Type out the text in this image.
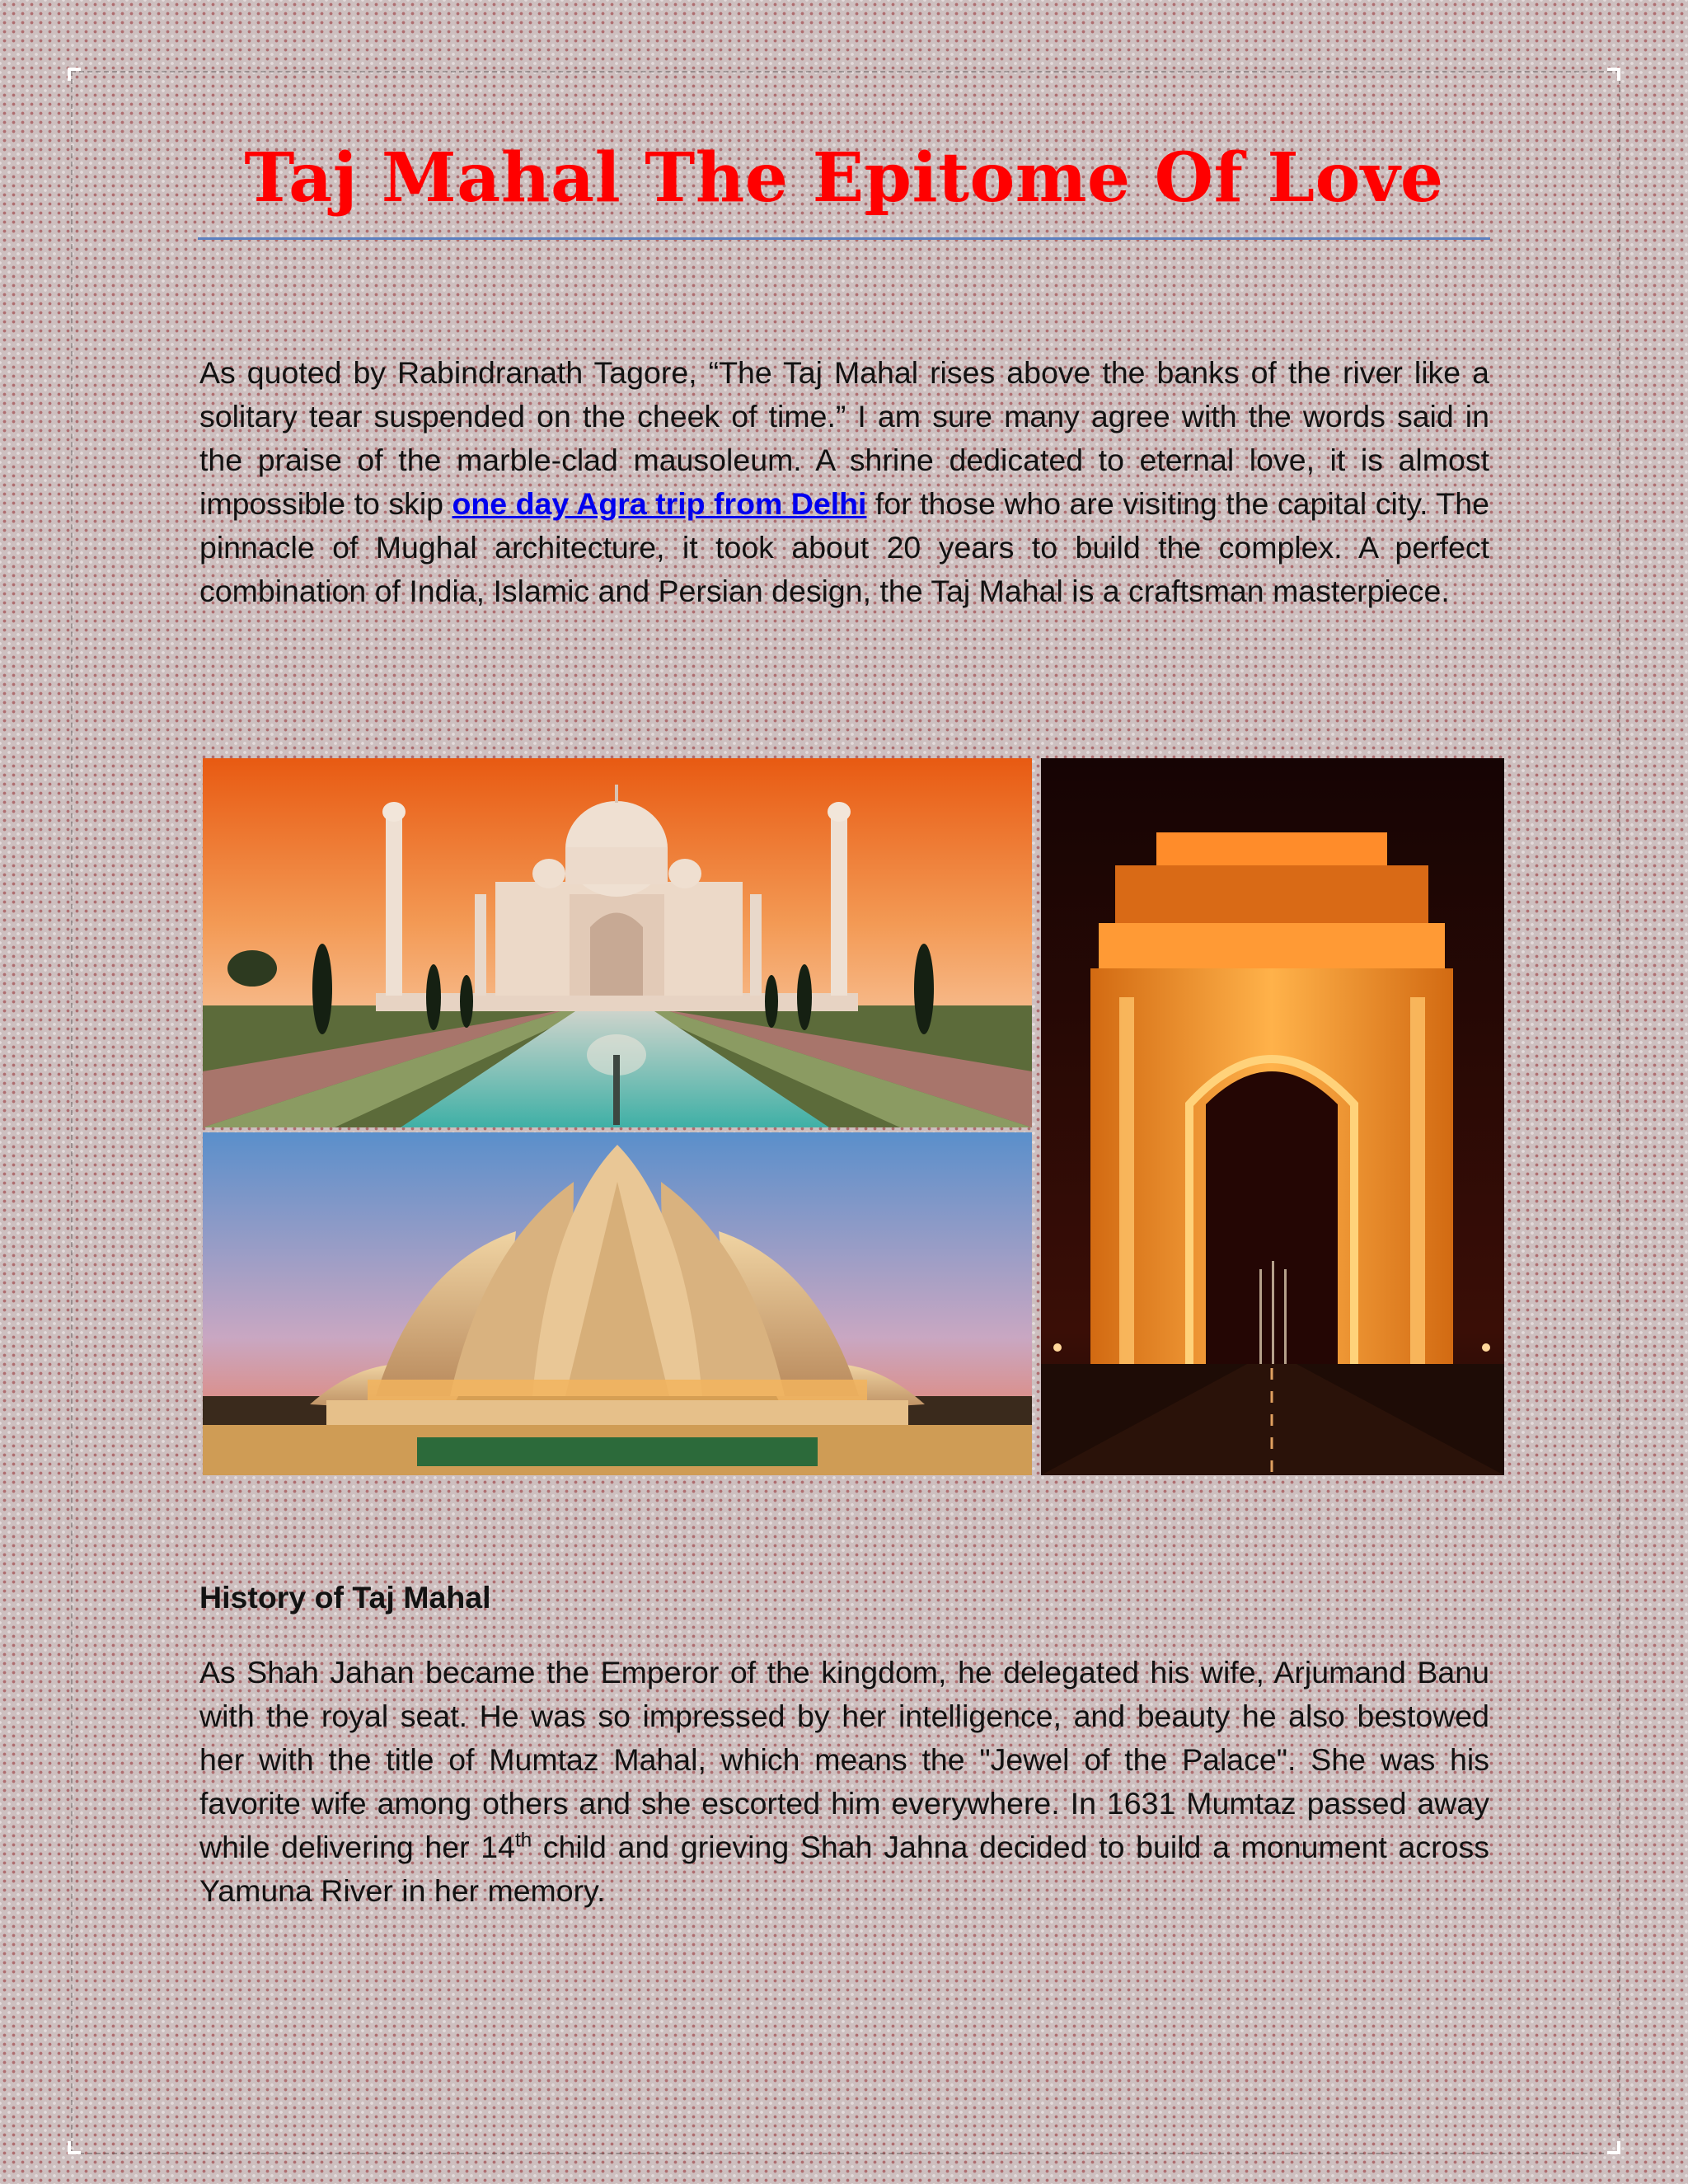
Taj Mahal The Epitome Of Love

As quoted by Rabindranath Tagore, “The Taj Mahal rises above the banks of the river like a solitary tear suspended on the cheek of time.” I am sure many agree with the words said in the praise of the marble-clad mausoleum. A shrine dedicated to eternal love, it is almost impossible to skip one day Agra trip from Delhi for those who are visiting the capital city. The pinnacle of Mughal architecture, it took about 20 years to build the complex. A perfect combination of India, Islamic and Persian design, the Taj Mahal is a craftsman masterpiece.

History of Taj Mahal

As Shah Jahan became the Emperor of the kingdom, he delegated his wife, Arjumand Banu with the royal seat. He was so impressed by her intelligence, and beauty he also bestowed her with the title of Mumtaz Mahal, which means the "Jewel of the Palace". She was his favorite wife among others and she escorted him everywhere. In 1631 Mumtaz passed away while delivering her 14th child and grieving Shah Jahna decided to build a monument across Yamuna River in her memory.
